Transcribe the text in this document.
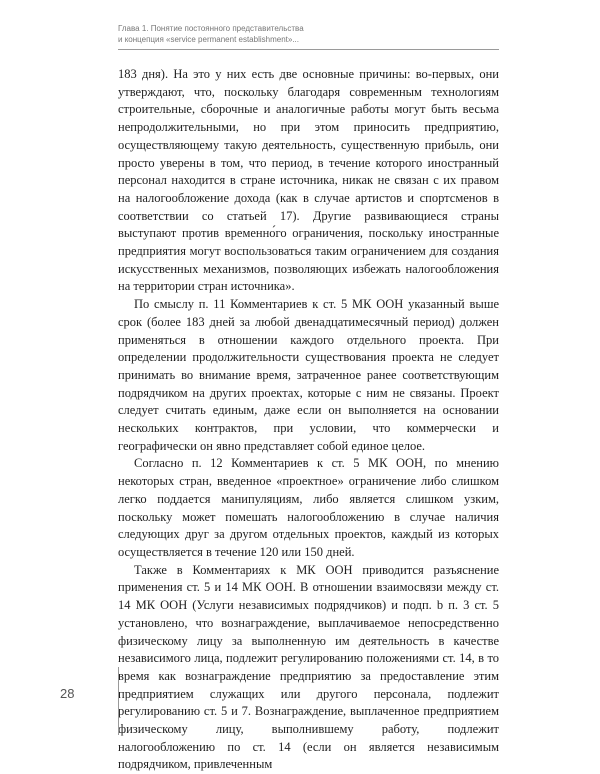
Глава 1. Понятие постоянного представительства
и концепция «service permanent establishment»...

183 дня). На это у них есть две основные причины: во-первых, они утверждают, что, поскольку благодаря современным технологиям строительные, сборочные и аналогичные работы могут быть весьма непродолжительными, но при этом приносить предприятию, осуществляющему такую деятельность, существенную прибыль, они просто уверены в том, что период, в течение которого иностранный персонал находится в стране источника, никак не связан с их правом на налогообложение дохода (как в случае артистов и спортсменов в соответствии со статьей 17). Другие развивающиеся страны выступают против временно́го ограничения, поскольку иностранные предприятия могут воспользоваться таким ограничением для создания искусственных механизмов, позволяющих избежать налогообложения на территории стран источника».

По смыслу п. 11 Комментариев к ст. 5 МК ООН указанный выше срок (более 183 дней за любой двенадцатимесячный период) должен применяться в отношении каждого отдельного проекта. При определении продолжительности существования проекта не следует принимать во внимание время, затраченное ранее соответствующим подрядчиком на других проектах, которые с ним не связаны. Проект следует считать единым, даже если он выполняется на основании нескольких контрактов, при условии, что коммерчески и географически он явно представляет собой единое целое.

Согласно п. 12 Комментариев к ст. 5 МК ООН, по мнению некоторых стран, введенное «проектное» ограничение либо слишком легко поддается манипуляциям, либо является слишком узким, поскольку может помешать налогообложению в случае наличия следующих друг за другом отдельных проектов, каждый из которых осуществляется в течение 120 или 150 дней.

Также в Комментариях к МК ООН приводится разъяснение применения ст. 5 и 14 МК ООН. В отношении взаимосвязи между ст. 14 МК ООН (Услуги независимых подрядчиков) и подп. b п. 3 ст. 5 установлено, что вознаграждение, выплачиваемое непосредственно физическому лицу за выполненную им деятельность в качестве независимого лица, подлежит регулированию положениями ст. 14, в то время как вознаграждение предприятию за предоставление этим предприятием служащих или другого персонала, подлежит регулированию ст. 5 и 7. Вознаграждение, выплаченное предприятием физическому лицу, выполнившему работу, подлежит налогообложению по ст. 14 (если он является независимым подрядчиком, привлеченным

28
